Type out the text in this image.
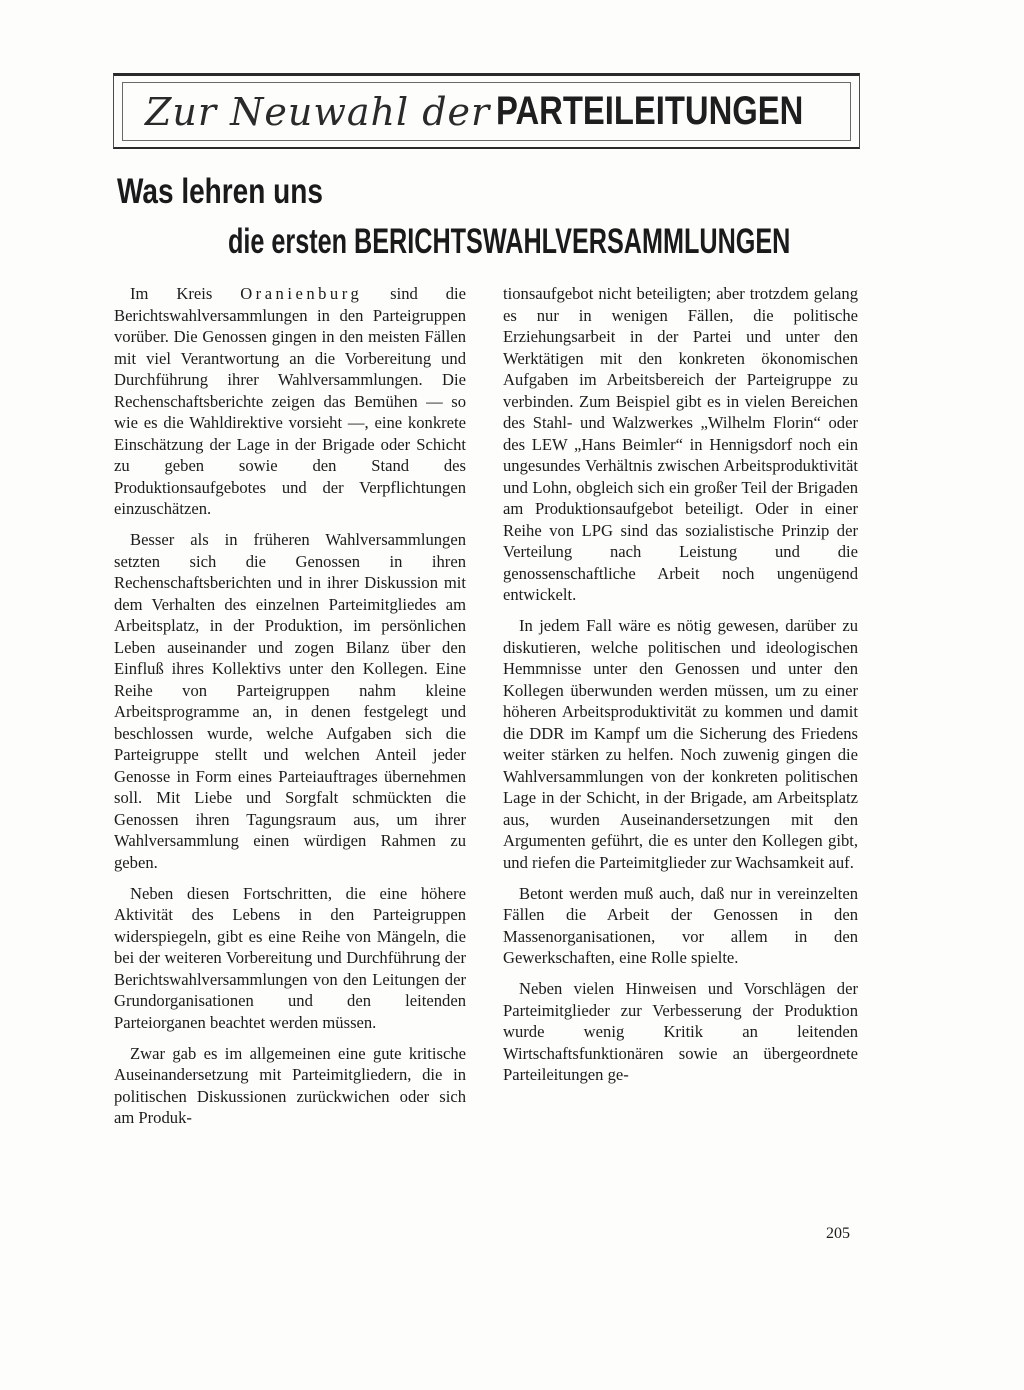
Zur Neuwahl der PARTEILEITUNGEN
Was lehren uns
die ersten BERICHTSWAHLVERSAMMLUNGEN

Im Kreis Oranienburg sind die Berichtswahlversammlungen in den Parteigruppen vorüber. Die Genossen gingen in den meisten Fällen mit viel Verantwortung an die Vorbereitung und Durchführung ihrer Wahlversammlungen. Die Rechenschaftsberichte zeigen das Bemühen — so wie es die Wahldirektive vorsieht —, eine konkrete Einschätzung der Lage in der Brigade oder Schicht zu geben sowie den Stand des Produktionsaufgebotes und der Verpflichtungen einzuschätzen.

Besser als in früheren Wahlversammlungen setzten sich die Genossen in ihren Rechenschaftsberichten und in ihrer Diskussion mit dem Verhalten des einzelnen Parteimitgliedes am Arbeitsplatz, in der Produktion, im persönlichen Leben auseinander und zogen Bilanz über den Einfluß ihres Kollektivs unter den Kollegen. Eine Reihe von Parteigruppen nahm kleine Arbeitsprogramme an, in denen festgelegt und beschlossen wurde, welche Aufgaben sich die Parteigruppe stellt und welchen Anteil jeder Genosse in Form eines Parteiauftrages übernehmen soll. Mit Liebe und Sorgfalt schmückten die Genossen ihren Tagungsraum aus, um ihrer Wahlversammlung einen würdigen Rahmen zu geben.

Neben diesen Fortschritten, die eine höhere Aktivität des Lebens in den Parteigruppen widerspiegeln, gibt es eine Reihe von Mängeln, die bei der weiteren Vorbereitung und Durchführung der Berichtswahlversammlungen von den Leitungen der Grundorganisationen und den leitenden Parteiorganen beachtet werden müssen.

Zwar gab es im allgemeinen eine gute kritische Auseinandersetzung mit Parteimitgliedern, die in politischen Diskussionen zurückwichen oder sich am Produk-

tionsaufgebot nicht beteiligten; aber trotzdem gelang es nur in wenigen Fällen, die politische Erziehungsarbeit in der Partei und unter den Werktätigen mit den konkreten ökonomischen Aufgaben im Arbeitsbereich der Parteigruppe zu verbinden. Zum Beispiel gibt es in vielen Bereichen des Stahl- und Walzwerkes „Wilhelm Florin“ oder des LEW „Hans Beimler“ in Hennigsdorf noch ein ungesundes Verhältnis zwischen Arbeitsproduktivität und Lohn, obgleich sich ein großer Teil der Brigaden am Produktionsaufgebot beteiligt. Oder in einer Reihe von LPG sind das sozialistische Prinzip der Verteilung nach Leistung und die genossenschaftliche Arbeit noch ungenügend entwickelt.

In jedem Fall wäre es nötig gewesen, darüber zu diskutieren, welche politischen und ideologischen Hemmnisse unter den Genossen und unter den Kollegen überwunden werden müssen, um zu einer höheren Arbeitsproduktivität zu kommen und damit die DDR im Kampf um die Sicherung des Friedens weiter stärken zu helfen. Noch zuwenig gingen die Wahlversammlungen von der konkreten politischen Lage in der Schicht, in der Brigade, am Arbeitsplatz aus, wurden Auseinandersetzungen mit den Argumenten geführt, die es unter den Kollegen gibt, und riefen die Parteimitglieder zur Wachsamkeit auf.

Betont werden muß auch, daß nur in vereinzelten Fällen die Arbeit der Genossen in den Massenorganisationen, vor allem in den Gewerkschaften, eine Rolle spielte.

Neben vielen Hinweisen und Vorschlägen der Parteimitglieder zur Verbesserung der Produktion wurde wenig Kritik an leitenden Wirtschaftsfunktionären sowie an übergeordnete Parteileitungen ge-

205
